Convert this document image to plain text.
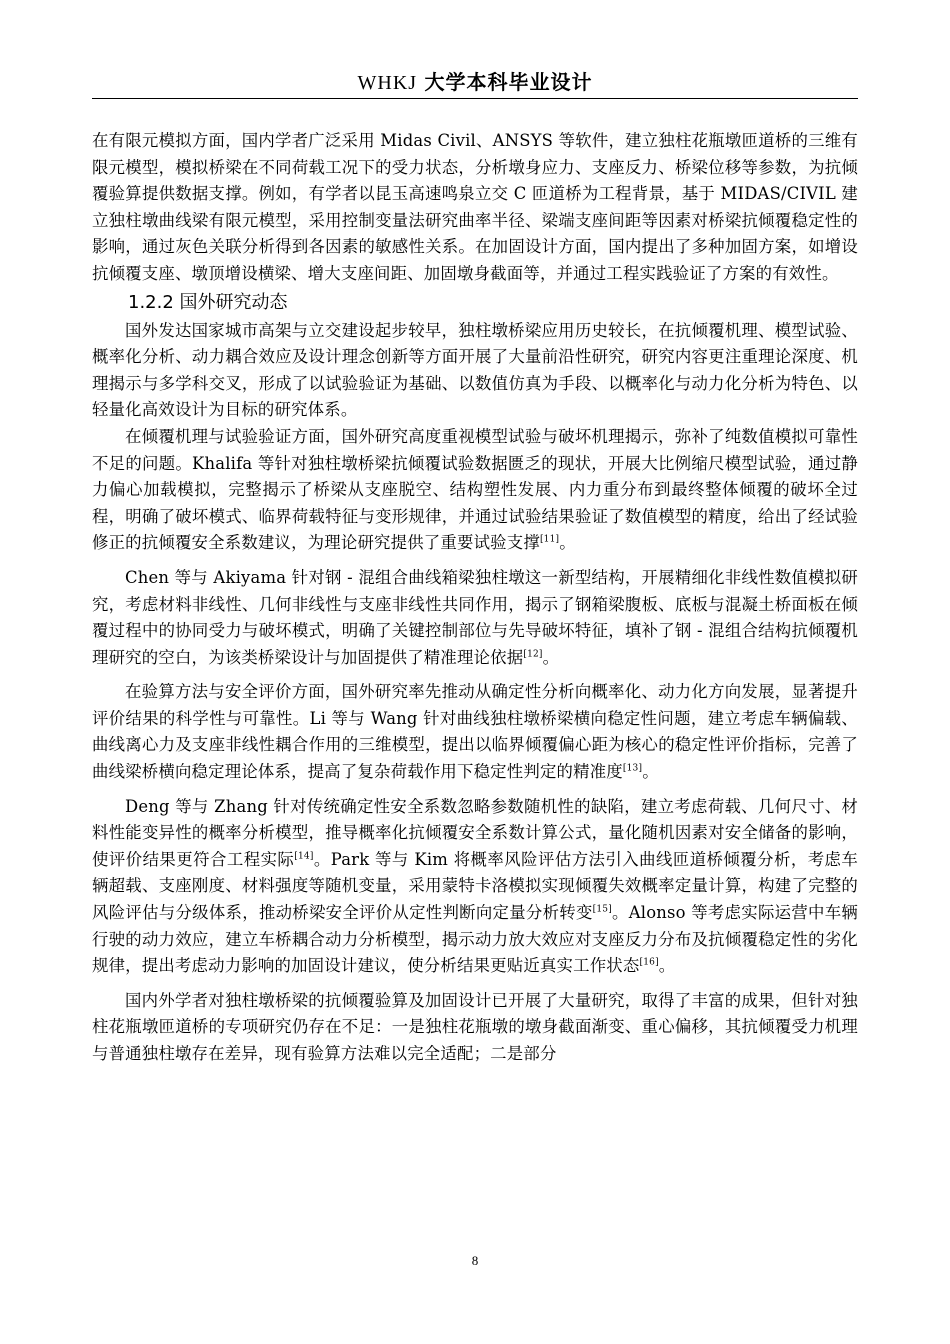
WHKJ 大学本科毕业设计

在有限元模拟方面，国内学者广泛采用 Midas Civil、ANSYS 等软件，建立独柱花瓶墩匝道桥的三维有限元模型，模拟桥梁在不同荷载工况下的受力状态，分析墩身应力、支座反力、桥梁位移等参数，为抗倾覆验算提供数据支撑。例如，有学者以昆玉高速鸣泉立交 C 匝道桥为工程背景，基于 MIDAS/CIVIL 建立独柱墩曲线梁有限元模型，采用控制变量法研究曲率半径、梁端支座间距等因素对桥梁抗倾覆稳定性的影响，通过灰色关联分析得到各因素的敏感性关系。在加固设计方面，国内提出了多种加固方案，如增设抗倾覆支座、墩顶增设横梁、增大支座间距、加固墩身截面等，并通过工程实践验证了方案的有效性。

1.2.2 国外研究动态

国外发达国家城市高架与立交建设起步较早，独柱墩桥梁应用历史较长，在抗倾覆机理、模型试验、概率化分析、动力耦合效应及设计理念创新等方面开展了大量前沿性研究，研究内容更注重理论深度、机理揭示与多学科交叉，形成了以试验验证为基础、以数值仿真为手段、以概率化与动力化分析为特色、以轻量化高效设计为目标的研究体系。

在倾覆机理与试验验证方面，国外研究高度重视模型试验与破坏机理揭示，弥补了纯数值模拟可靠性不足的问题。Khalifa 等针对独柱墩桥梁抗倾覆试验数据匮乏的现状，开展大比例缩尺模型试验，通过静力偏心加载模拟，完整揭示了桥梁从支座脱空、结构塑性发展、内力重分布到最终整体倾覆的破坏全过程，明确了破坏模式、临界荷载特征与变形规律，并通过试验结果验证了数值模型的精度，给出了经试验修正的抗倾覆安全系数建议，为理论研究提供了重要试验支撑[11]。

Chen 等与 Akiyama 针对钢 - 混组合曲线箱梁独柱墩这一新型结构，开展精细化非线性数值模拟研究，考虑材料非线性、几何非线性与支座非线性共同作用，揭示了钢箱梁腹板、底板与混凝土桥面板在倾覆过程中的协同受力与破坏模式，明确了关键控制部位与先导破坏特征，填补了钢 - 混组合结构抗倾覆机理研究的空白，为该类桥梁设计与加固提供了精准理论依据[12]。

在验算方法与安全评价方面，国外研究率先推动从确定性分析向概率化、动力化方向发展，显著提升评价结果的科学性与可靠性。Li 等与 Wang 针对曲线独柱墩桥梁横向稳定性问题，建立考虑车辆偏载、曲线离心力及支座非线性耦合作用的三维模型，提出以临界倾覆偏心距为核心的稳定性评价指标，完善了曲线梁桥横向稳定理论体系，提高了复杂荷载作用下稳定性判定的精准度[13]。

Deng 等与 Zhang 针对传统确定性安全系数忽略参数随机性的缺陷，建立考虑荷载、几何尺寸、材料性能变异性的概率分析模型，推导概率化抗倾覆安全系数计算公式，量化随机因素对安全储备的影响，使评价结果更符合工程实际[14]。Park 等与 Kim 将概率风险评估方法引入曲线匝道桥倾覆分析，考虑车辆超载、支座刚度、材料强度等随机变量，采用蒙特卡洛模拟实现倾覆失效概率定量计算，构建了完整的风险评估与分级体系，推动桥梁安全评价从定性判断向定量分析转变[15]。Alonso 等考虑实际运营中车辆行驶的动力效应，建立车桥耦合动力分析模型，揭示动力放大效应对支座反力分布及抗倾覆稳定性的劣化规律，提出考虑动力影响的加固设计建议，使分析结果更贴近真实工作状态[16]。

国内外学者对独柱墩桥梁的抗倾覆验算及加固设计已开展了大量研究，取得了丰富的成果，但针对独柱花瓶墩匝道桥的专项研究仍存在不足：一是独柱花瓶墩的墩身截面渐变、重心偏移，其抗倾覆受力机理与普通独柱墩存在差异，现有验算方法难以完全适配；二是部分

8
